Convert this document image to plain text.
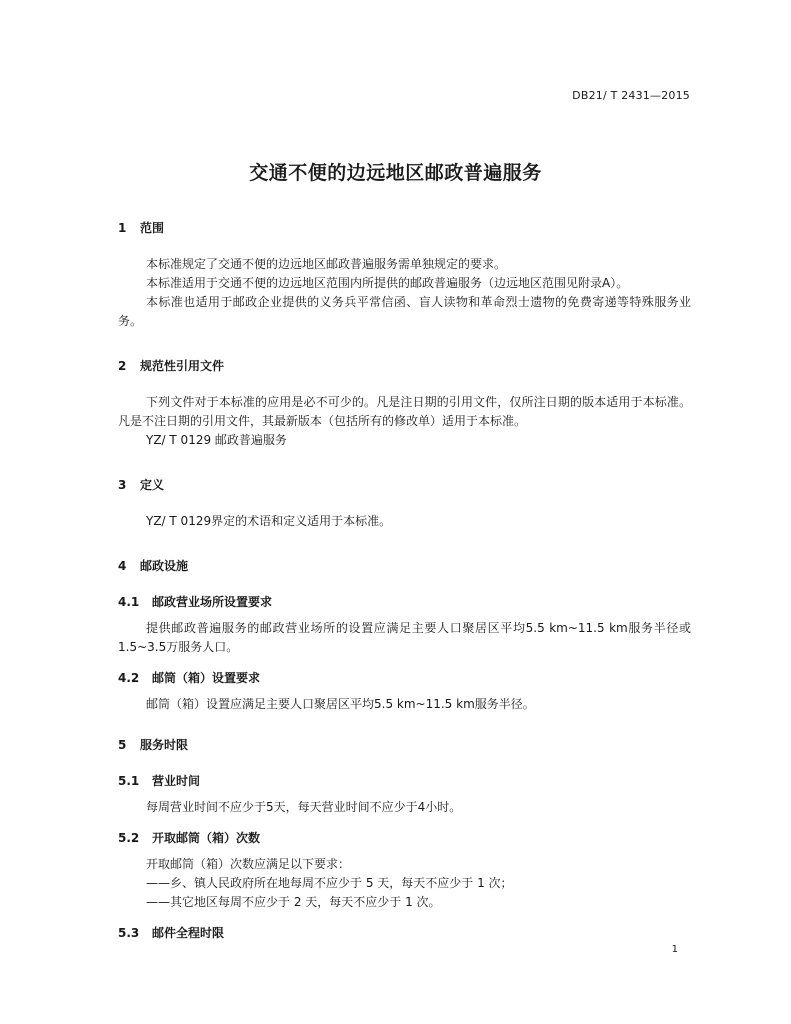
DB21/ T 2431—2015
交通不便的边远地区邮政普遍服务
1 范围

本标准规定了交通不便的边远地区邮政普遍服务需单独规定的要求。

本标准适用于交通不便的边远地区范围内所提供的邮政普遍服务（边远地区范围见附录A）。

本标准也适用于邮政企业提供的义务兵平常信函、盲人读物和革命烈士遗物的免费寄递等特殊服务业务。

2 规范性引用文件

下列文件对于本标准的应用是必不可少的。凡是注日期的引用文件，仅所注日期的版本适用于本标准。凡是不注日期的引用文件，其最新版本（包括所有的修改单）适用于本标准。

YZ/ T 0129 邮政普遍服务

3 定义

YZ/ T 0129界定的术语和定义适用于本标准。

4 邮政设施
4.1 邮政营业场所设置要求

提供邮政普遍服务的邮政营业场所的设置应满足主要人口聚居区平均5.5 km~11.5 km服务半径或1.5~3.5万服务人口。

4.2 邮筒（箱）设置要求

邮筒（箱）设置应满足主要人口聚居区平均5.5 km~11.5 km服务半径。

5 服务时限
5.1 营业时间

每周营业时间不应少于5天，每天营业时间不应少于4小时。

5.2 开取邮筒（箱）次数

开取邮筒（箱）次数应满足以下要求：

——乡、镇人民政府所在地每周不应少于 5 天，每天不应少于 1 次；

——其它地区每周不应少于 2 天，每天不应少于 1 次。

5.3 邮件全程时限
1
